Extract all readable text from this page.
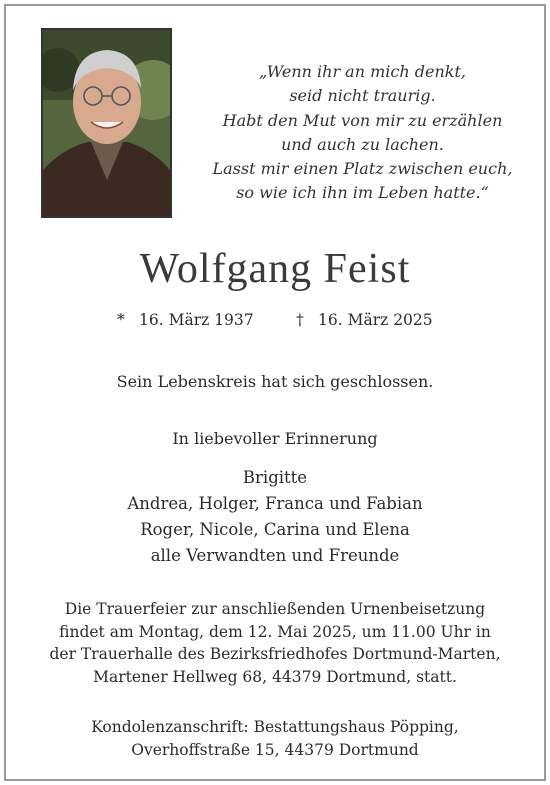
„Wenn ihr an mich denkt,
seid nicht traurig.
Habt den Mut von mir zu erzählen
und auch zu lachen.
Lasst mir einen Platz zwischen euch,
so wie ich ihn im Leben hatte.“
Wolfgang Feist
* 16. März 1937	† 16. März 2025
Sein Lebenskreis hat sich geschlossen.
In liebevoller Erinnerung
Brigitte
Andrea, Holger, Franca und Fabian
Roger, Nicole, Carina und Elena
alle Verwandten und Freunde
Die Trauerfeier zur anschließenden Urnenbeisetzung
findet am Montag, dem 12. Mai 2025, um 11.00 Uhr in
der Trauerhalle des Bezirksfriedhofes Dortmund-Marten,
Martener Hellweg 68, 44379 Dortmund, statt.
Kondolenzanschrift: Bestattungshaus Pöpping,
Overhoffstraße 15, 44379 Dortmund
